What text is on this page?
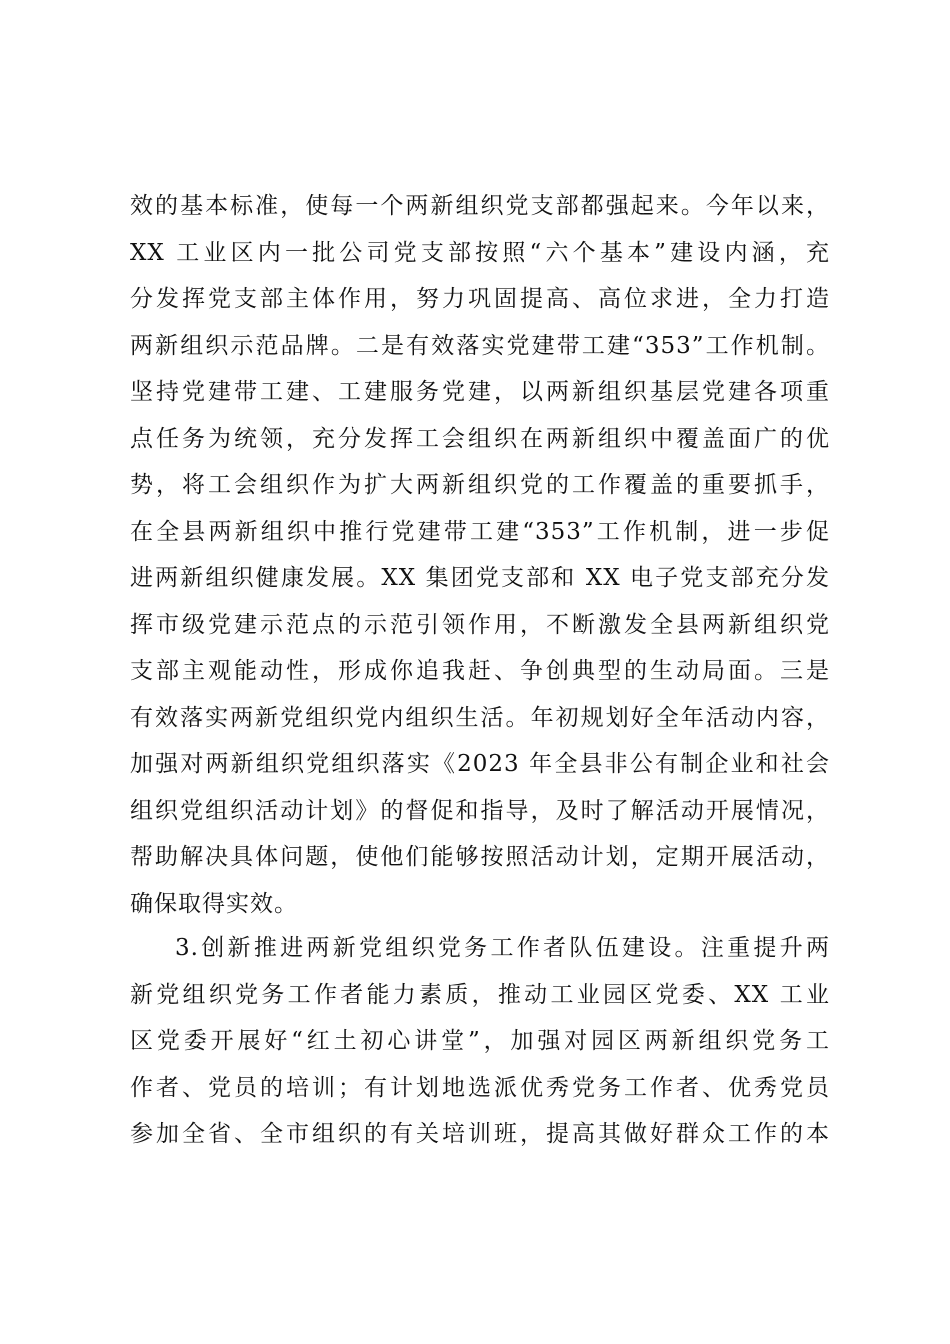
效的基本标准，使每一个两新组织党支部都强起来。今年以来，
XX 工业区内一批公司党支部按照“六个基本”建设内涵，充
分发挥党支部主体作用，努力巩固提高、高位求进，全力打造
两新组织示范品牌。二是有效落实党建带工建“353”工作机制。
坚持党建带工建、工建服务党建，以两新组织基层党建各项重
点任务为统领，充分发挥工会组织在两新组织中覆盖面广的优
势，将工会组织作为扩大两新组织党的工作覆盖的重要抓手，
在全县两新组织中推行党建带工建“353”工作机制，进一步促
进两新组织健康发展。XX 集团党支部和 XX 电子党支部充分发
挥市级党建示范点的示范引领作用，不断激发全县两新组织党
支部主观能动性，形成你追我赶、争创典型的生动局面。三是
有效落实两新党组织党内组织生活。年初规划好全年活动内容，
加强对两新组织党组织落实《2023 年全县非公有制企业和社会
组织党组织活动计划》的督促和指导，及时了解活动开展情况，
帮助解决具体问题，使他们能够按照活动计划，定期开展活动，
确保取得实效。
3.创新推进两新党组织党务工作者队伍建设。注重提升两
新党组织党务工作者能力素质，推动工业园区党委、XX 工业
区党委开展好“红土初心讲堂”，加强对园区两新组织党务工
作者、党员的培训；有计划地选派优秀党务工作者、优秀党员
参加全省、全市组织的有关培训班，提高其做好群众工作的本
